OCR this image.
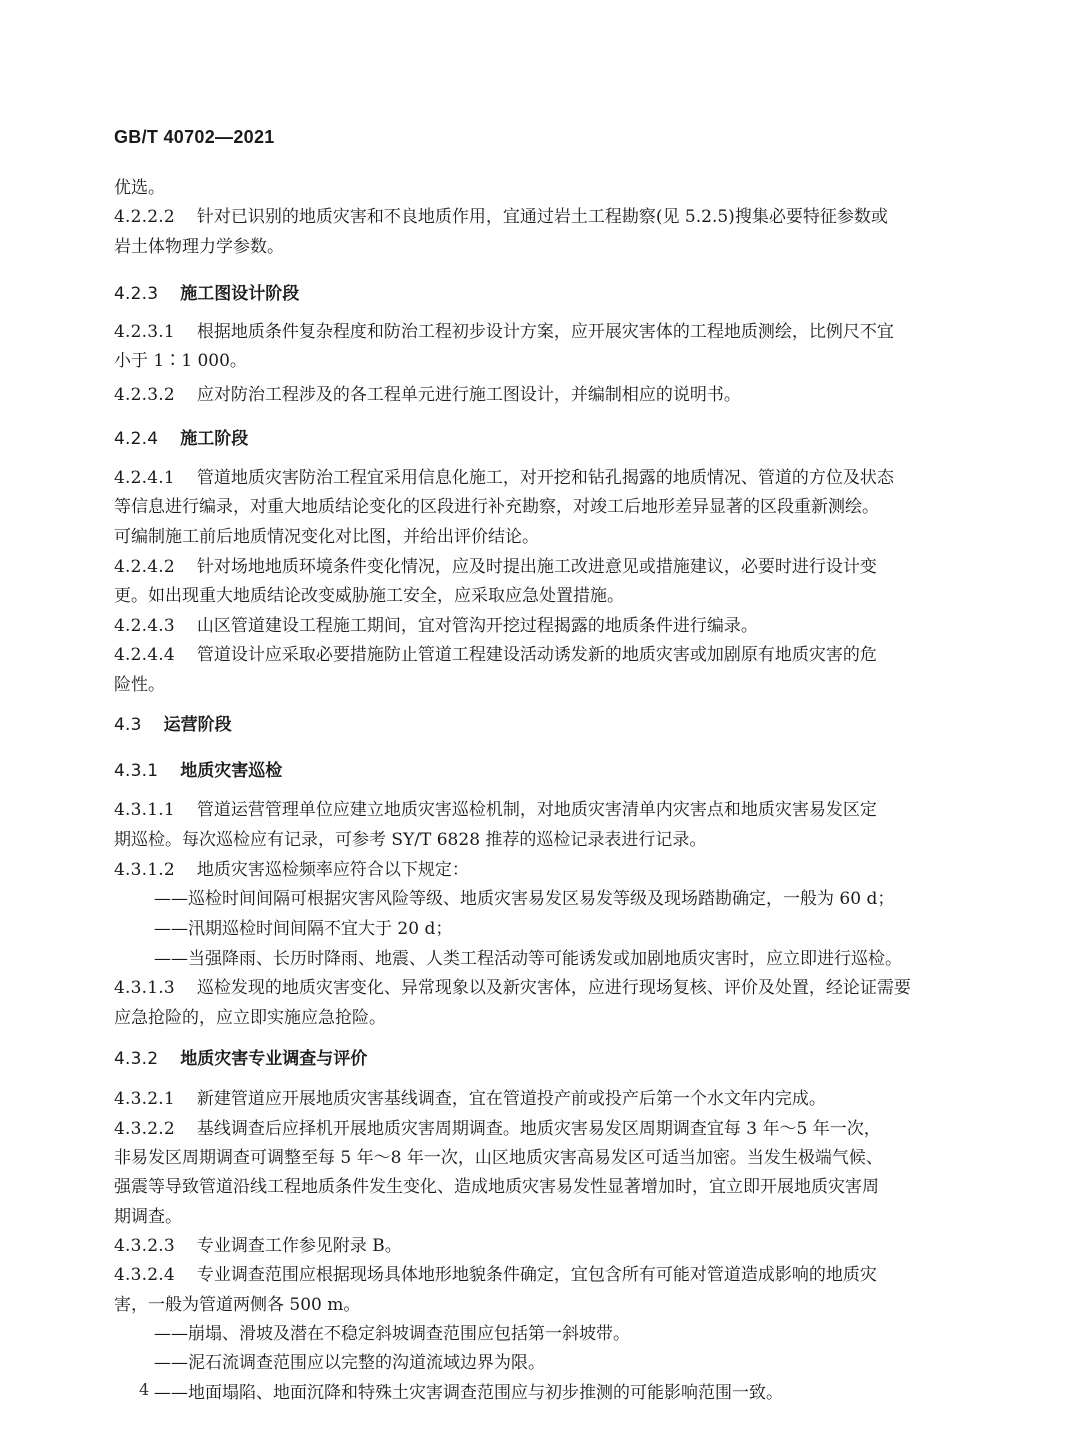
GB/T 40702—2021
优选。
4.2.2.2 针对已识别的地质灾害和不良地质作用，宜通过岩土工程勘察(见 5.2.5)搜集必要特征参数或
岩土体物理力学参数。
4.2.3 施工图设计阶段
4.2.3.1 根据地质条件复杂程度和防治工程初步设计方案，应开展灾害体的工程地质测绘，比例尺不宜
小于 1∶1 000。
4.2.3.2 应对防治工程涉及的各工程单元进行施工图设计，并编制相应的说明书。
4.2.4 施工阶段
4.2.4.1 管道地质灾害防治工程宜采用信息化施工，对开挖和钻孔揭露的地质情况、管道的方位及状态
等信息进行编录，对重大地质结论变化的区段进行补充勘察，对竣工后地形差异显著的区段重新测绘。
可编制施工前后地质情况变化对比图，并给出评价结论。
4.2.4.2 针对场地地质环境条件变化情况，应及时提出施工改进意见或措施建议，必要时进行设计变
更。如出现重大地质结论改变威胁施工安全，应采取应急处置措施。
4.2.4.3 山区管道建设工程施工期间，宜对管沟开挖过程揭露的地质条件进行编录。
4.2.4.4 管道设计应采取必要措施防止管道工程建设活动诱发新的地质灾害或加剧原有地质灾害的危
险性。
4.3 运营阶段
4.3.1 地质灾害巡检
4.3.1.1 管道运营管理单位应建立地质灾害巡检机制，对地质灾害清单内灾害点和地质灾害易发区定
期巡检。每次巡检应有记录，可参考 SY/T 6828 推荐的巡检记录表进行记录。
4.3.1.2 地质灾害巡检频率应符合以下规定：
——巡检时间间隔可根据灾害风险等级、地质灾害易发区易发等级及现场踏勘确定，一般为 60 d；
——汛期巡检时间间隔不宜大于 20 d；
——当强降雨、长历时降雨、地震、人类工程活动等可能诱发或加剧地质灾害时，应立即进行巡检。
4.3.1.3 巡检发现的地质灾害变化、异常现象以及新灾害体，应进行现场复核、评价及处置，经论证需要
应急抢险的，应立即实施应急抢险。
4.3.2 地质灾害专业调查与评价
4.3.2.1 新建管道应开展地质灾害基线调查，宜在管道投产前或投产后第一个水文年内完成。
4.3.2.2 基线调查后应择机开展地质灾害周期调查。地质灾害易发区周期调查宜每 3 年～5 年一次，
非易发区周期调查可调整至每 5 年～8 年一次，山区地质灾害高易发区可适当加密。当发生极端气候、
强震等导致管道沿线工程地质条件发生变化、造成地质灾害易发性显著增加时，宜立即开展地质灾害周
期调查。
4.3.2.3 专业调查工作参见附录 B。
4.3.2.4 专业调查范围应根据现场具体地形地貌条件确定，宜包含所有可能对管道造成影响的地质灾
害，一般为管道两侧各 500 m。
——崩塌、滑坡及潜在不稳定斜坡调查范围应包括第一斜坡带。
——泥石流调查范围应以完整的沟道流域边界为限。
——地面塌陷、地面沉降和特殊土灾害调查范围应与初步推测的可能影响范围一致。
4
